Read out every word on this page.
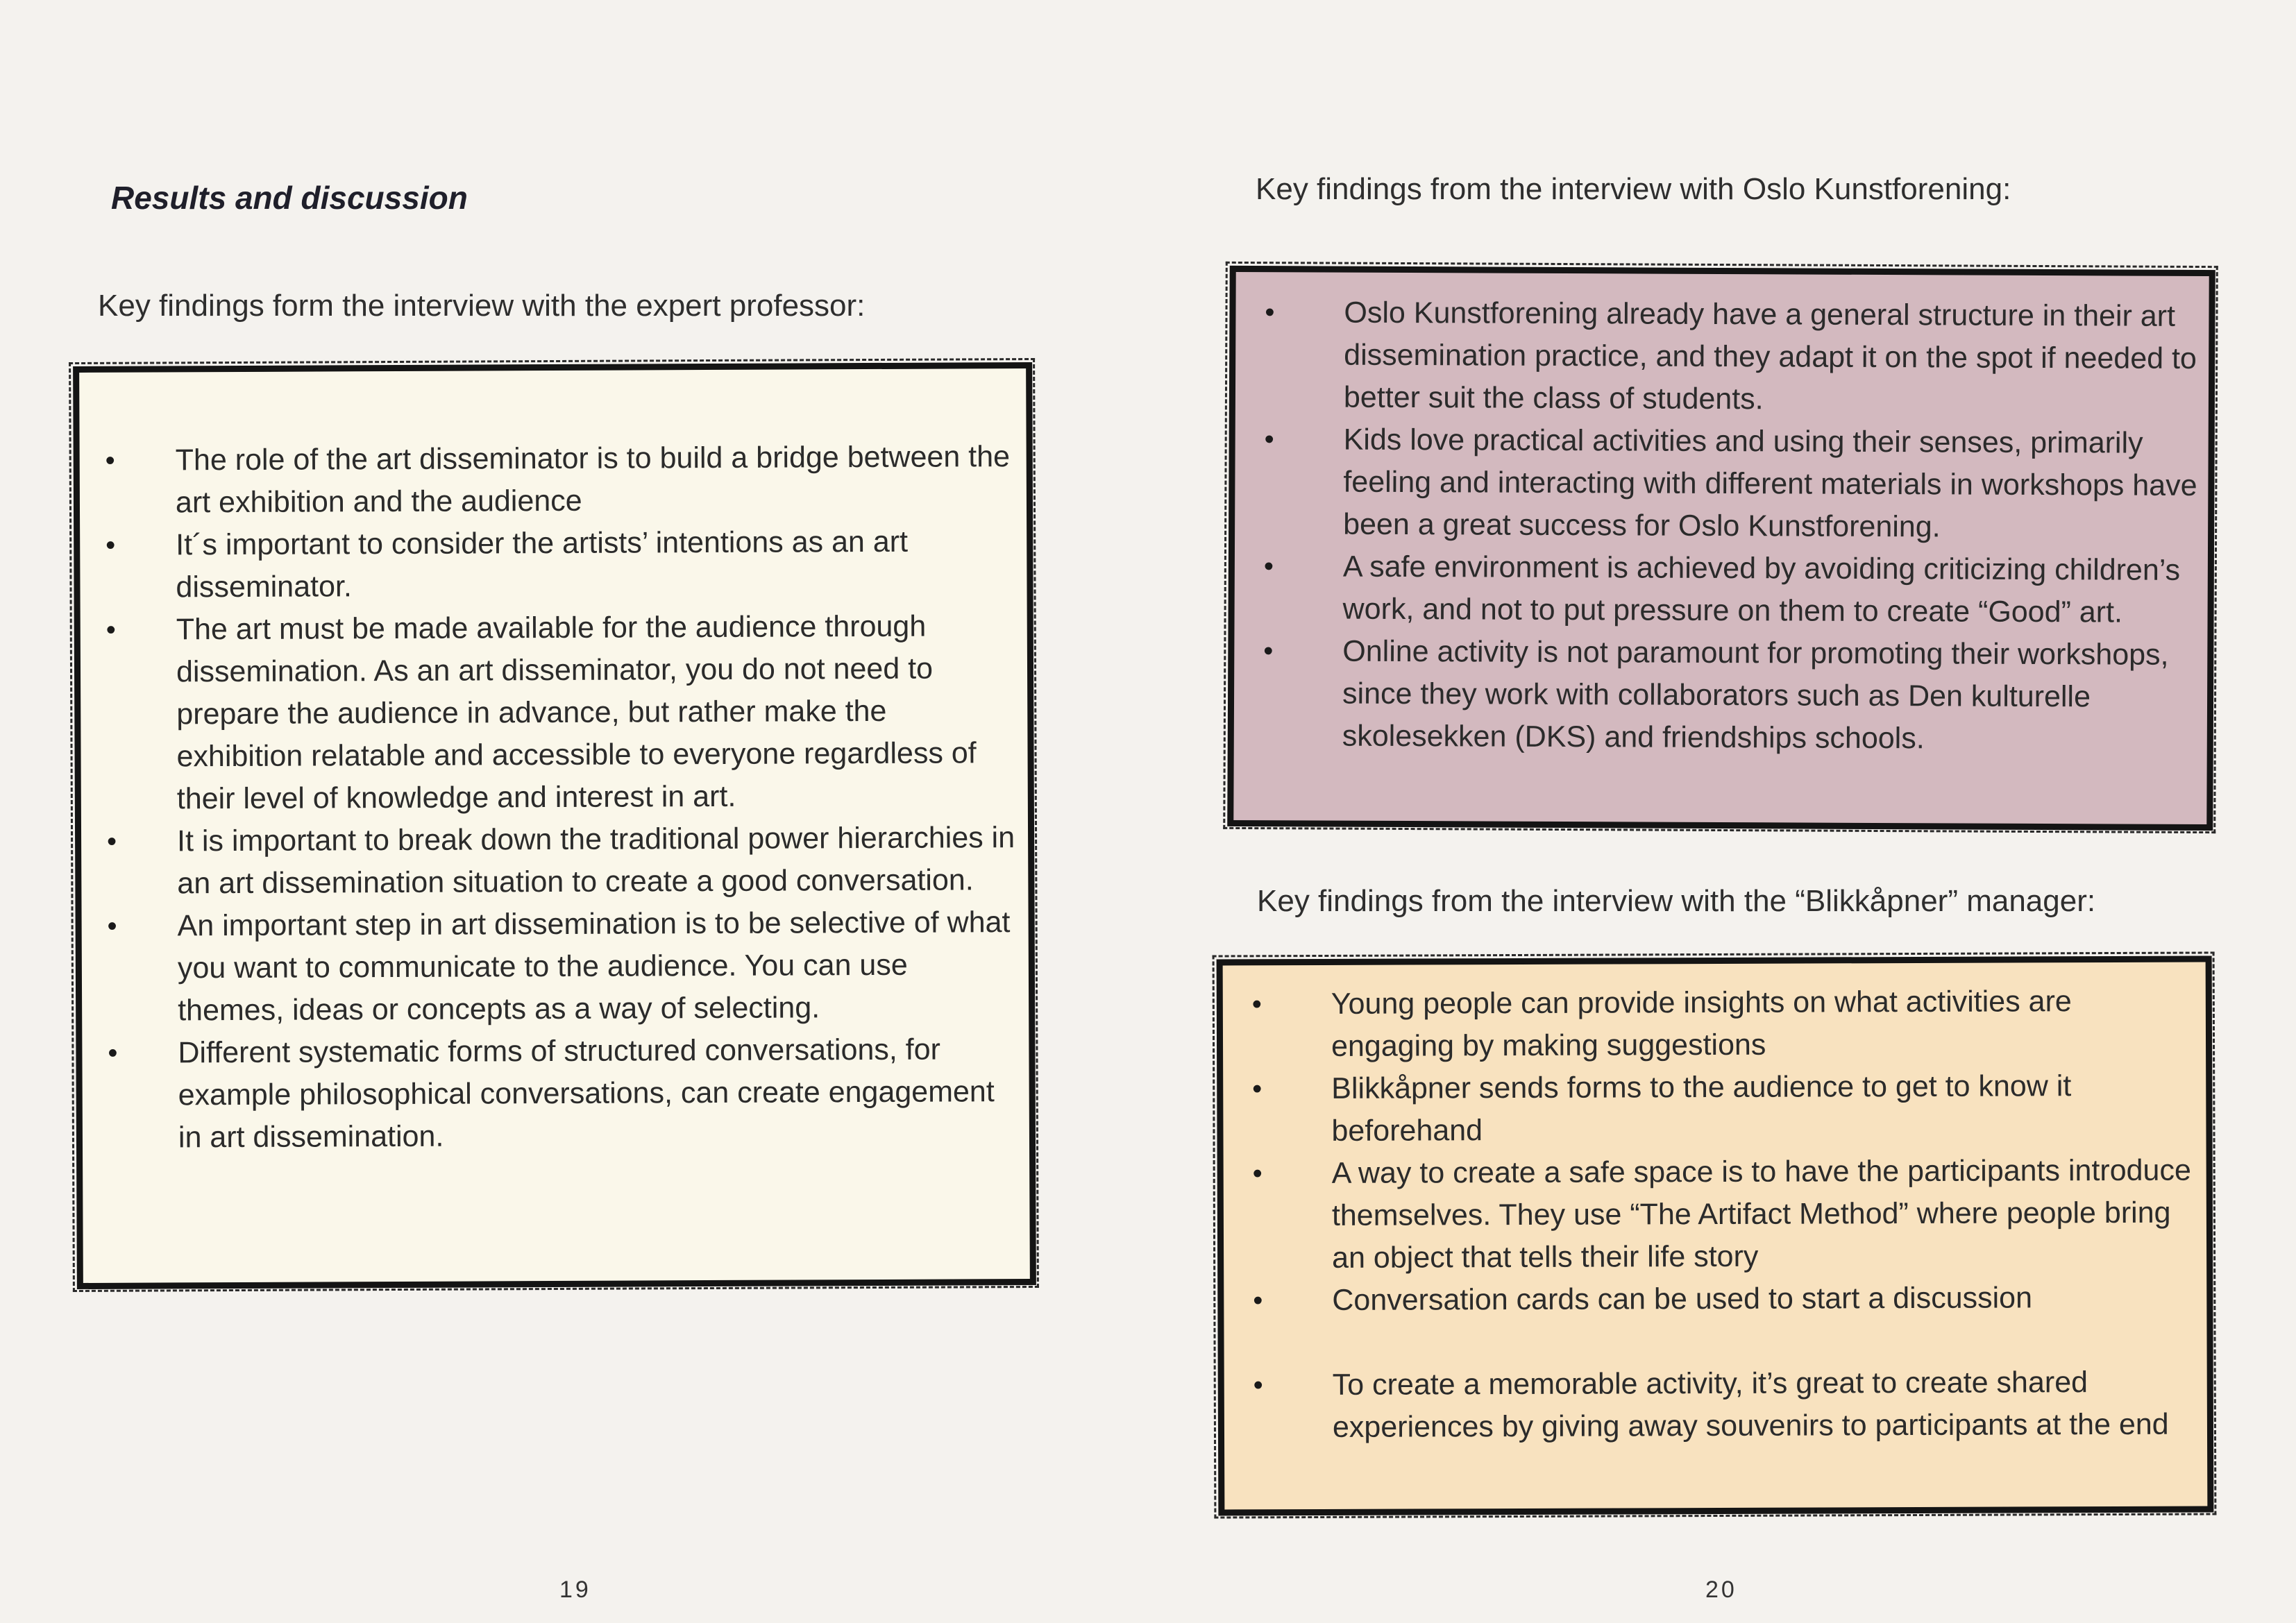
Results and discussion

Key findings form the interview with the expert professor:

• The role of the art disseminator is to build a bridge between the art exhibition and the audience
• It´s important to consider the artists’ intentions as an art disseminator.
• The art must be made available for the audience through dissemination. As an art disseminator, you do not need to prepare the audience in advance, but rather make the exhibition relatable and accessible to everyone regardless of their level of knowledge and interest in art.
• It is important to break down the traditional power hierarchies in an art dissemination situation to create a good conversation.
• An important step in art dissemination is to be selective of what you want to communicate to the audience. You can use themes, ideas or concepts as a way of selecting.
• Different systematic forms of structured conversations, for example philosophical conversations, can create engagement in art dissemination.

19

Key findings from the interview with Oslo Kunstforening:

• Oslo Kunstforening already have a general structure in their art dissemination practice, and they adapt it on the spot if needed to better suit the class of students.
• Kids love practical activities and using their senses, primarily feeling and interacting with different materials in workshops have been a great success for Oslo Kunstforening.
• A safe environment is achieved by avoiding criticizing children’s work, and not to put pressure on them to create “Good” art.
• Online activity is not paramount for promoting their workshops, since they work with collaborators such as Den kulturelle skolesekken (DKS) and friendships schools.

Key findings from the interview with the “Blikkåpner” manager:

• Young people can provide insights on what activities are engaging by making suggestions
• Blikkåpner sends forms to the audience to get to know it beforehand
• A way to create a safe space is to have the participants introduce themselves. They use “The Artifact Method” where people bring an object that tells their life story
• Conversation cards can be used to start a discussion
• To create a memorable activity, it’s great to create shared experiences by giving away souvenirs to participants at the end

20
